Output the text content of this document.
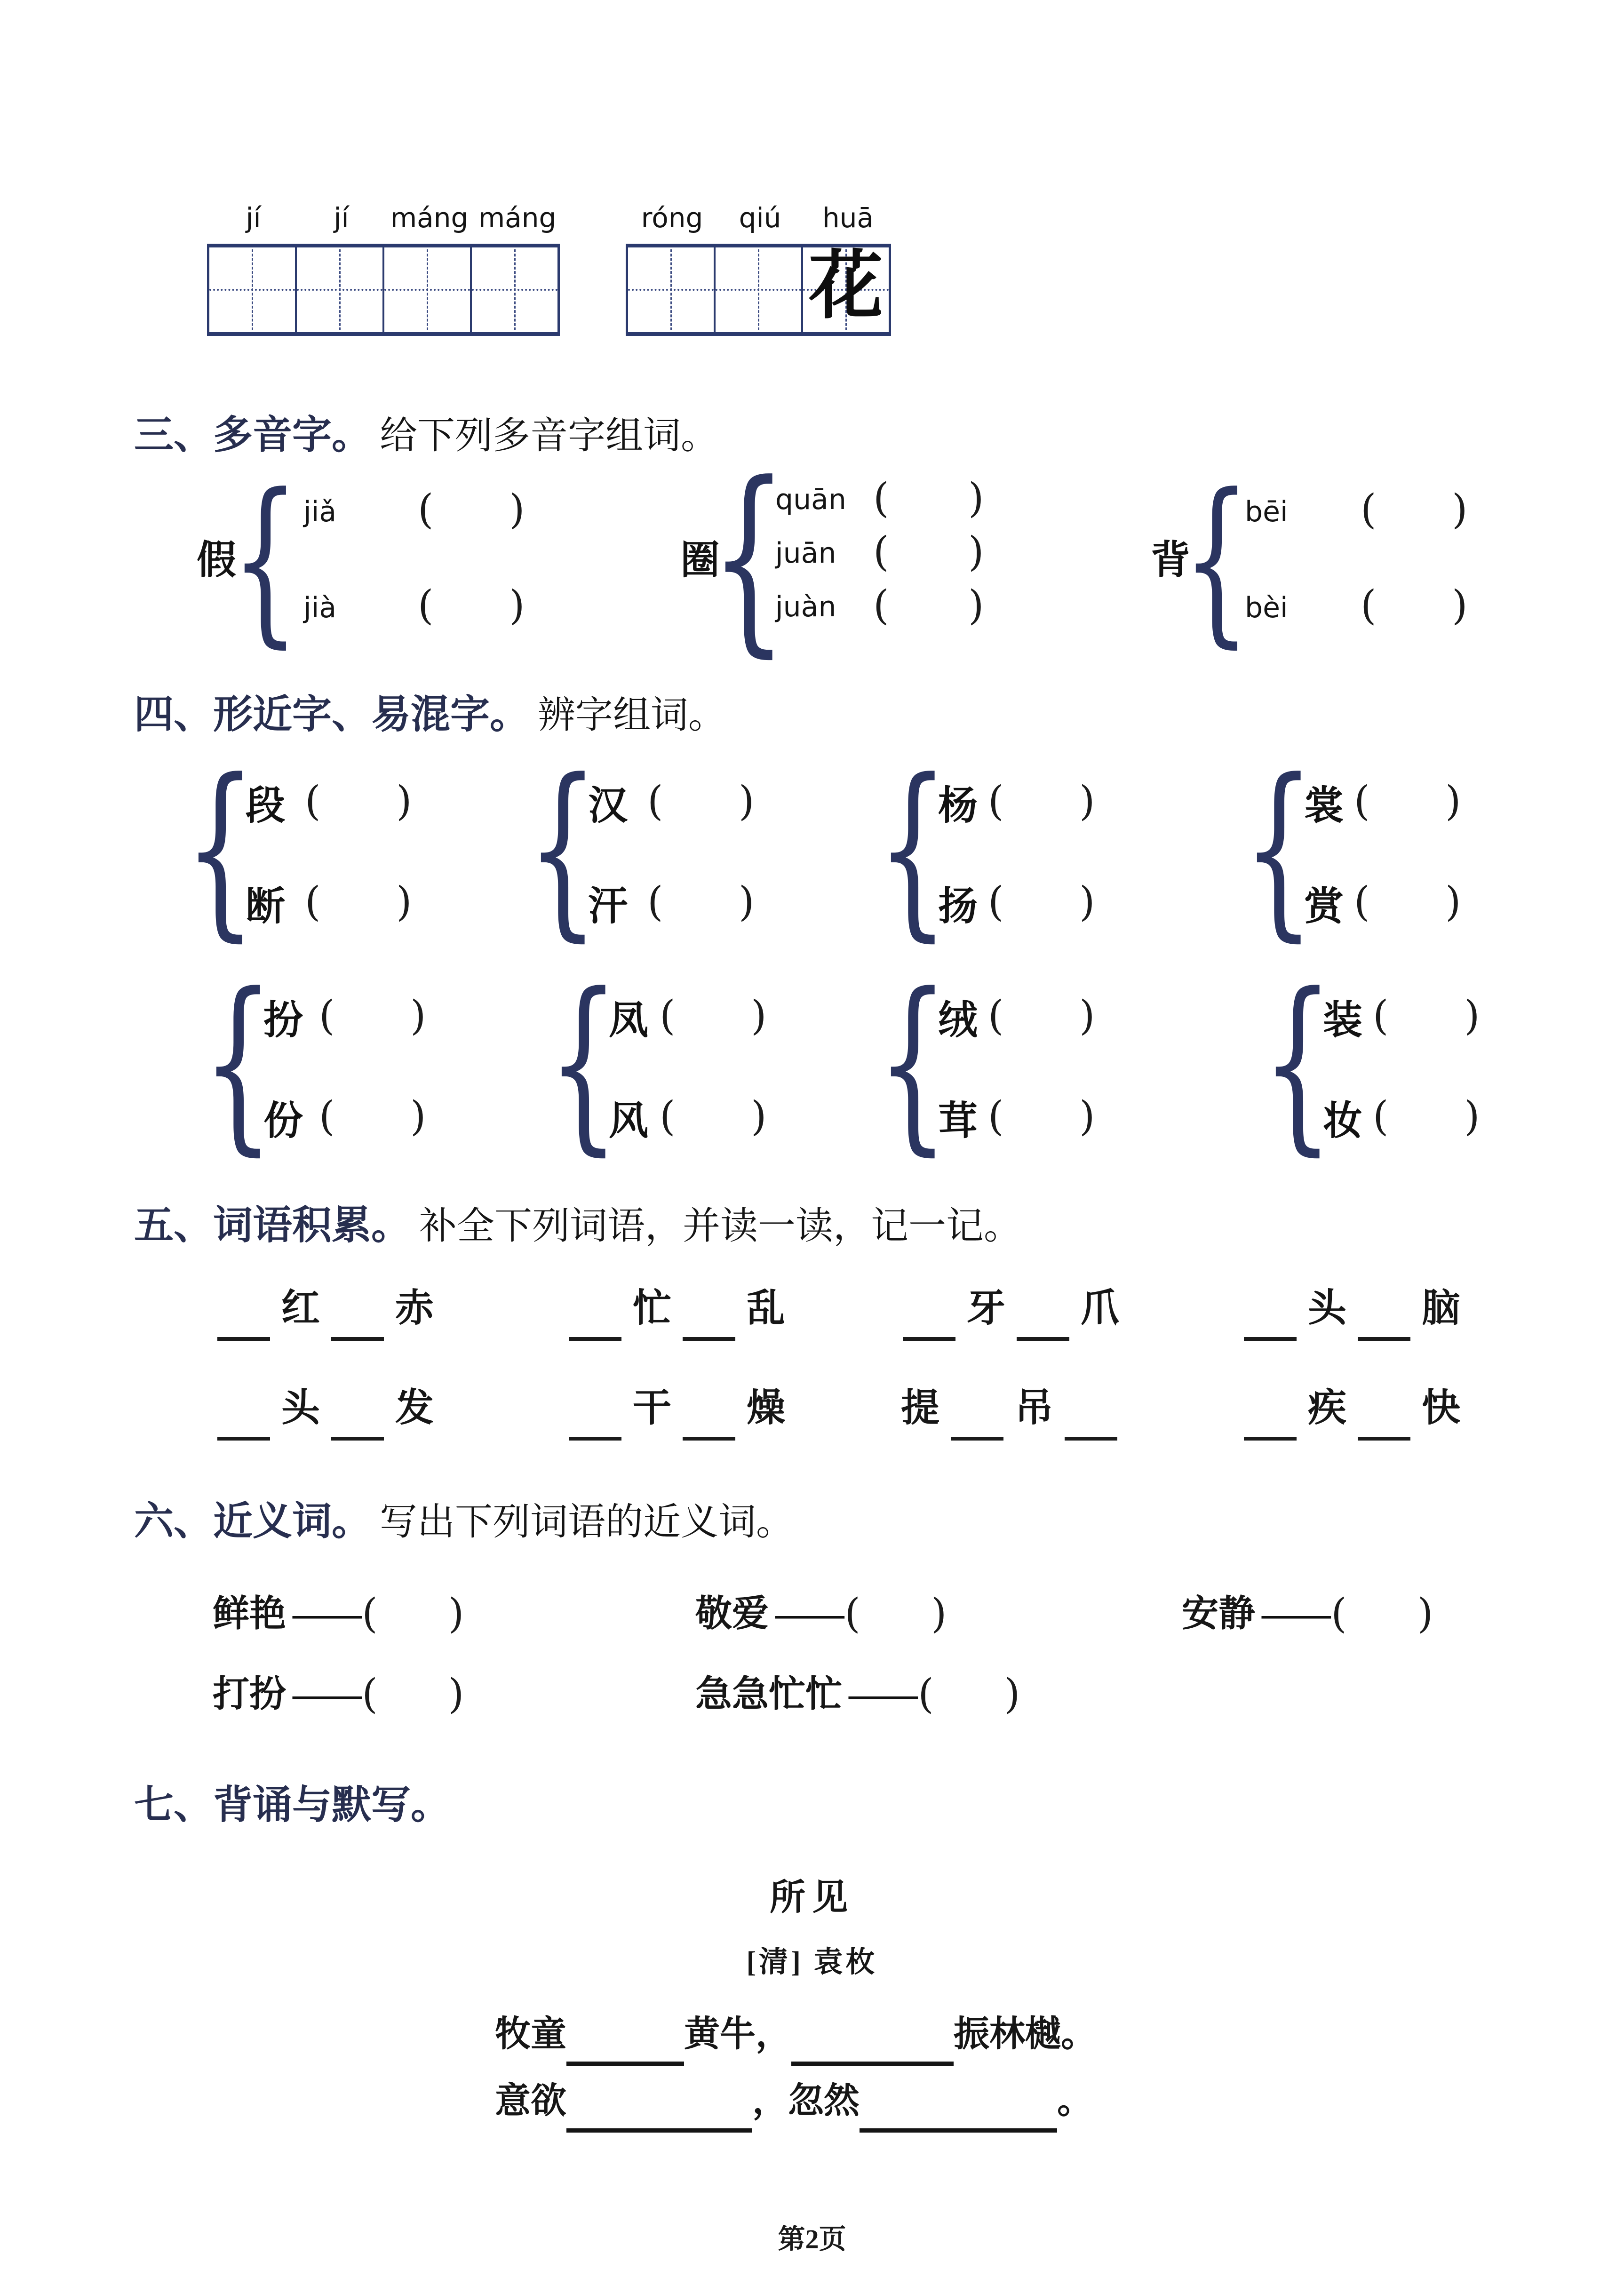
jí	jí	máng máng	róng	qiú	huā
花
三、多音字。 给下列多音字组词。
假
{ jiǎ ( )
jià ( )
圈
{
quān ( )
juān ( )
juàn ( )
背
{
bēi ( )
bèi ( )
四、形近字、易混字。 辨字组词。
{
段 ( )
断 ( ) {
汉 ( )
汗 ( ) {
杨 ( )
扬 ( ) {
裳 ( )
赏 ( )
{
扮 ( )
份 ( ) {
凤 ( )
风 ( ) {
绒 ( )
茸 ( ) {
装 ( )
妆 ( )
五、词语积累。 补全下列词语，并读一读，记一记。
红 赤	忙 乱	牙 爪	头 脑
头 发	干 燥	提 吊	疾 快
六、近义词。 写出下列词语的近义词。
鲜艳 —— ( )	敬爱 —— ( )	安静 —— ( )
打扮 —— ( )	急急忙忙 —— ( )
七、背诵与默写。
所见
[清] 袁枚
牧童	黄牛，	振林樾。
意欲	，忽然	。
第2页
